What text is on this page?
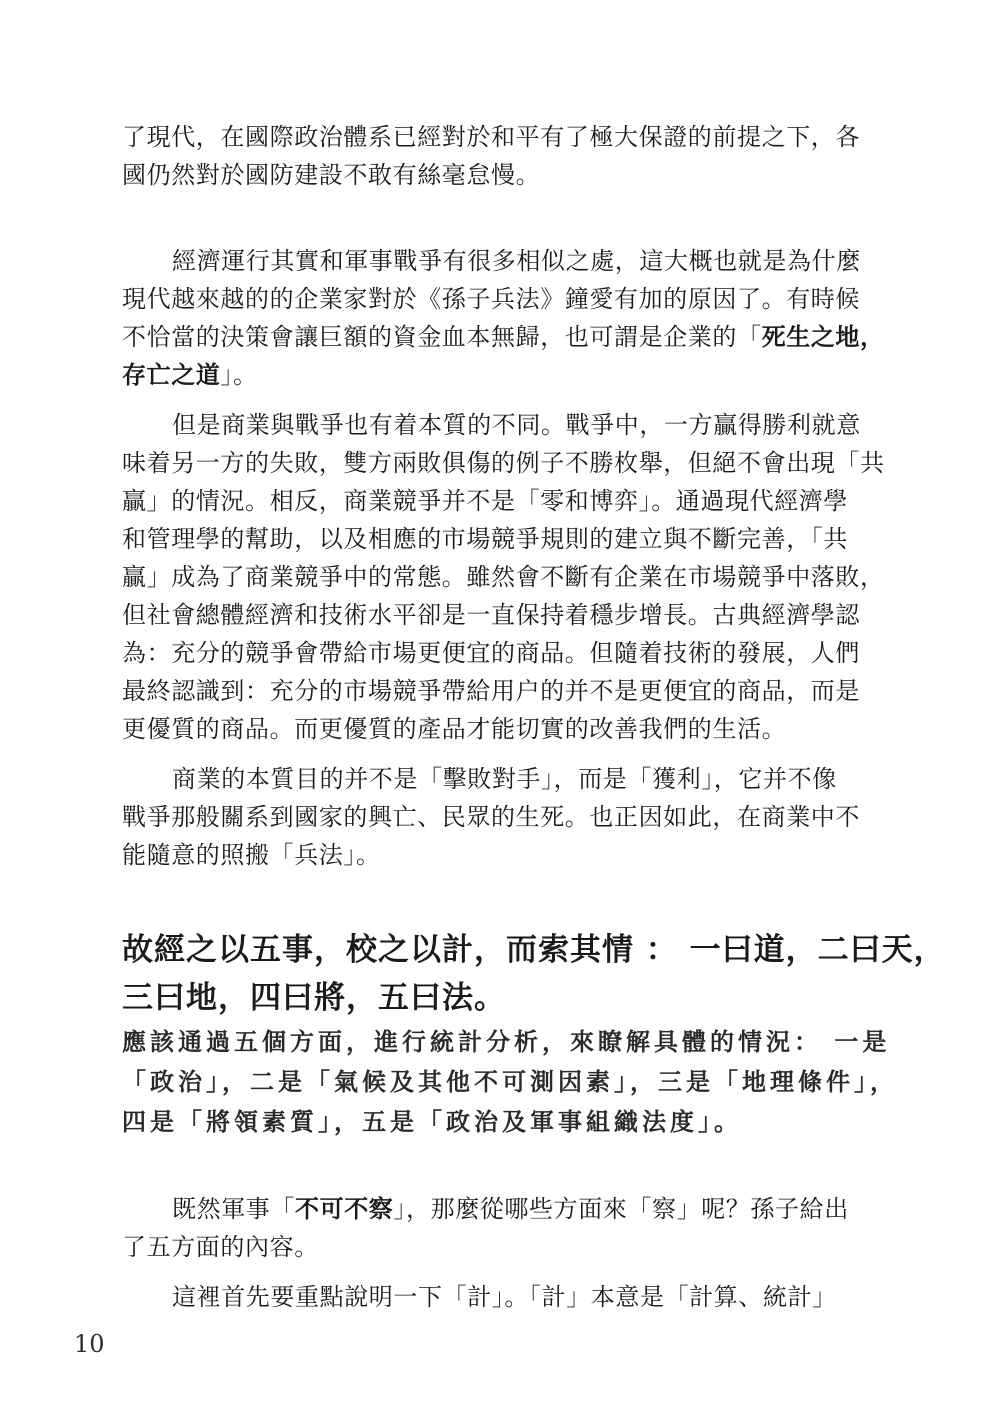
了現代，在國際政治體系已經對於和平有了極大保證的前提之下，各
國仍然對於國防建設不敢有絲毫怠慢。
經濟運行其實和軍事戰爭有很多相似之處，這大概也就是為什麼
現代越來越的的企業家對於《孫子兵法》鐘愛有加的原因了。有時候
不恰當的決策會讓巨額的資金血本無歸，也可謂是企業的「死生之地，
存亡之道」。
但是商業與戰爭也有着本質的不同。戰爭中，一方贏得勝利就意
味着另一方的失敗，雙方兩敗俱傷的例子不勝枚舉，但絕不會出現「共
贏」的情況。相反，商業競爭并不是「零和博弈」。通過現代經濟學
和管理學的幫助，以及相應的市場競爭規則的建立與不斷完善，「共
贏」成為了商業競爭中的常態。雖然會不斷有企業在市場競爭中落敗，
但社會總體經濟和技術水平卻是一直保持着穩步增長。古典經濟學認
為：充分的競爭會帶給市場更便宜的商品。但隨着技術的發展，人們
最終認識到：充分的市場競爭帶給用户的并不是更便宜的商品，而是
更優質的商品。而更優質的產品才能切實的改善我們的生活。
商業的本質目的并不是「擊敗對手」，而是「獲利」，它并不像
戰爭那般關系到國家的興亡、民眾的生死。也正因如此，在商業中不
能隨意的照搬「兵法」。
故經之以五事，校之以計，而索其情 ： 一曰道，二曰天，
三曰地，四曰將，五曰法。
應該通過五個方面，進行統計分析，來瞭解具體的情況： 一是
「政治」，二是「氣候及其他不可測因素」，三是「地理條件」，
四是「將領素質」，五是「政治及軍事組織法度」。
既然軍事「不可不察」，那麼從哪些方面來「察」呢？孫子給出
了五方面的內容。
這裡首先要重點說明一下「計」。「計」本意是「計算、統計」
10
